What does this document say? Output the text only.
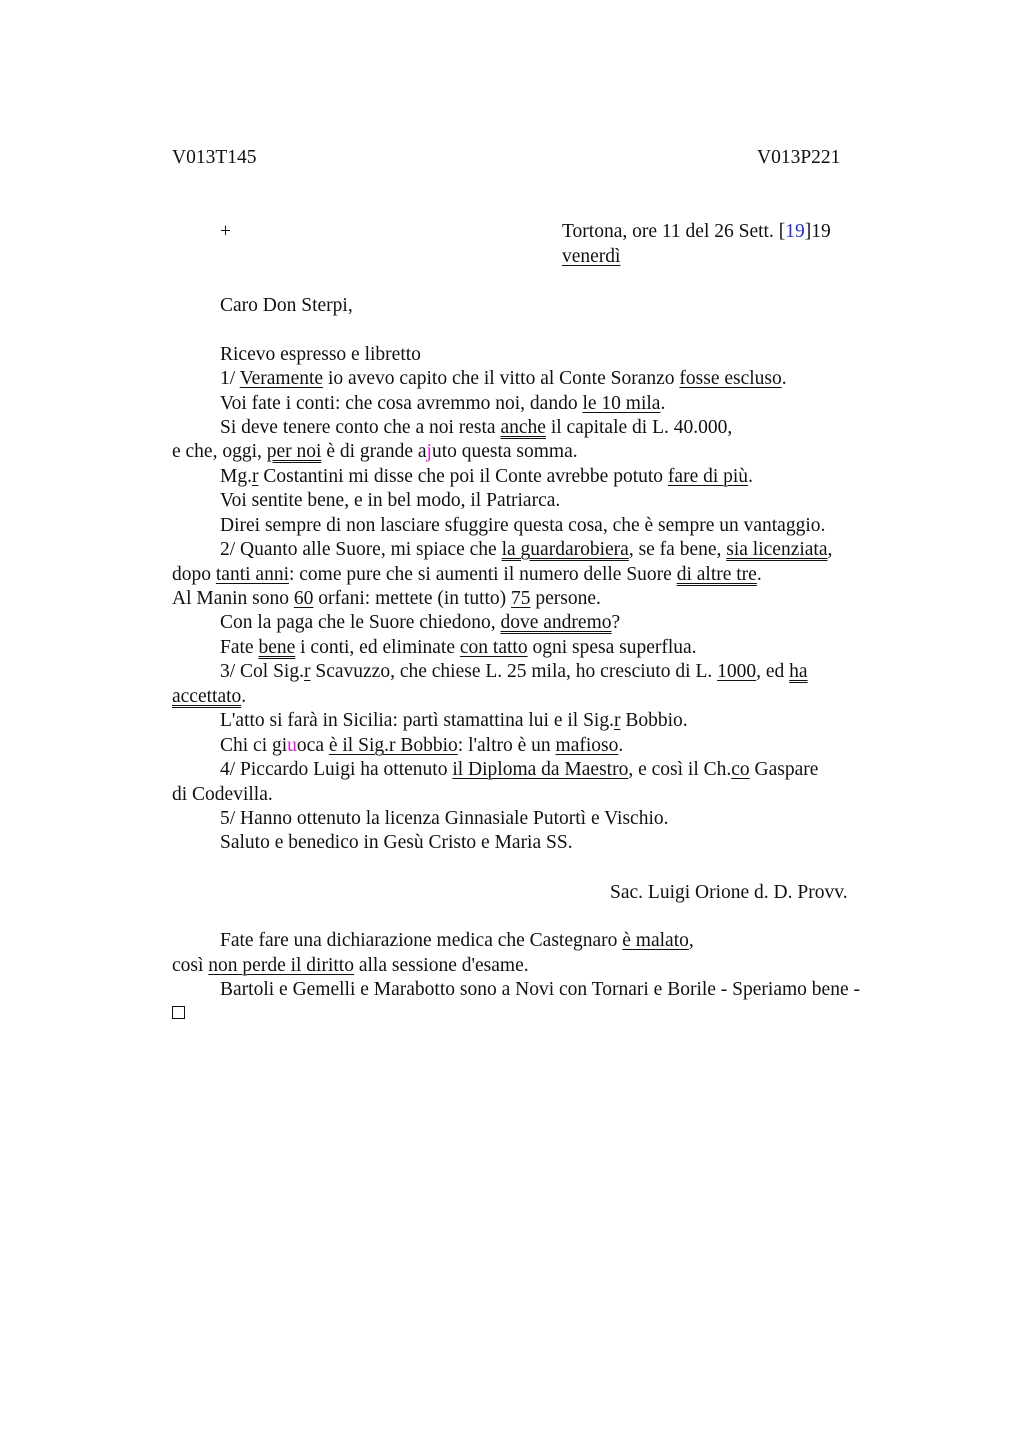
V013T145	V013P221
+	Tortona, ore 11 del 26 Sett. [19]19
venerdì
Caro Don Sterpi,
Ricevo espresso e libretto
1/ Veramente io avevo capito che il vitto al Conte Soranzo fosse escluso.
Voi fate i conti: che cosa avremmo noi, dando le 10 mila.
Si deve tenere conto che a noi resta anche il capitale di L. 40.000,
e che, oggi, per noi è di grande ajuto questa somma.
Mg.r Costantini mi disse che poi il Conte avrebbe potuto fare di più.
Voi sentite bene, e in bel modo, il Patriarca.
Direi sempre di non lasciare sfuggire questa cosa, che è sempre un vantaggio.
2/ Quanto alle Suore, mi spiace che la guardarobiera, se fa bene, sia licenziata,
dopo tanti anni: come pure che si aumenti il numero delle Suore di altre tre.
Al Manin sono 60 orfani: mettete (in tutto) 75 persone.
Con la paga che le Suore chiedono, dove andremo?
Fate bene i conti, ed eliminate con tatto ogni spesa superflua.
3/ Col Sig.r Scavuzzo, che chiese L. 25 mila, ho cresciuto di L. 1000, ed ha
accettato.
L'atto si farà in Sicilia: partì stamattina lui e il Sig.r Bobbio.
Chi ci giuoca è il Sig.r Bobbio: l'altro è un mafioso.
4/ Piccardo Luigi ha ottenuto il Diploma da Maestro, e così il Ch.co Gaspare
di Codevilla.
5/ Hanno ottenuto la licenza Ginnasiale Putortì e Vischio.
Saluto e benedico in Gesù Cristo e Maria SS.
Sac. Luigi Orione d. D. Provv.
Fate fare una dichiarazione medica che Castegnaro è malato,
così non perde il diritto alla sessione d'esame.
Bartoli e Gemelli e Marabotto sono a Novi con Tornari e Borile - Speriamo bene -
